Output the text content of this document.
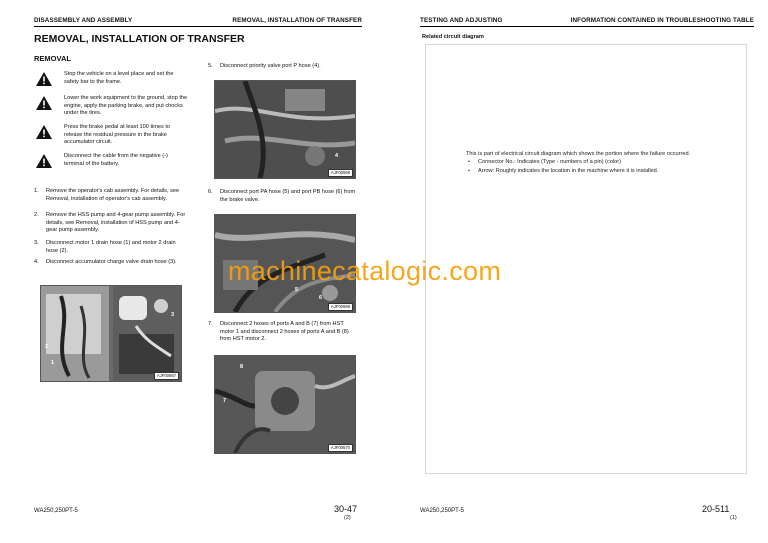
DISASSEMBLY AND ASSEMBLY	REMOVAL, INSTALLATION OF TRANSFER
REMOVAL, INSTALLATION OF TRANSFER
REMOVAL
Stop the vehicle on a level place and set the safety bar to the frame.
Lower the work equipment to the ground, stop the engine, apply the parking brake, and put chocks under the tires.
Press the brake pedal at least 100 times to release the residual pressure in the brake accumulator circuit.
Disconnect the cable from the negative (-) terminal of the battery.
1. Remove the operator's cab assembly. For details, see Removal, installation of operator's cab assembly.
2. Remove the HSS pump and 4-gear pump assembly. For details, see Removal, installation of HSS pump and 4-gear pump assembly.
3. Disconnect motor 1 drain hose (1) and motor 2 drain hose (2).
4. Disconnect accumulator charge valve drain hose (3).
2
1
3
AJF00667
5. Disconnect priority valve port P hose (4).
4
AJF00668
6. Disconnect port PA hose (5) and port PB hose (6) from the brake valve.
5
6
AJF00669
7. Disconnect 2 hoses of ports A and B (7) from HST motor 1 and disconnect 2 hoses of ports A and B (8) from HST motor 2.
8
7
AJF00670
WA250,250PT-5	30-47
(2)
TESTING AND ADJUSTING	INFORMATION CONTAINED IN TROUBLESHOOTING TABLE
WA250,250PT-5	20-511
(1)
Related circuit diagram
This is part of electrical circuit diagram which shows the portion where the failure occurred.
• Connector No.: Indicates (Type - numbers of a pin) (color)
• Arrow: Roughly indicates the location in the machine where it is installed.
machinecatalogic.com
